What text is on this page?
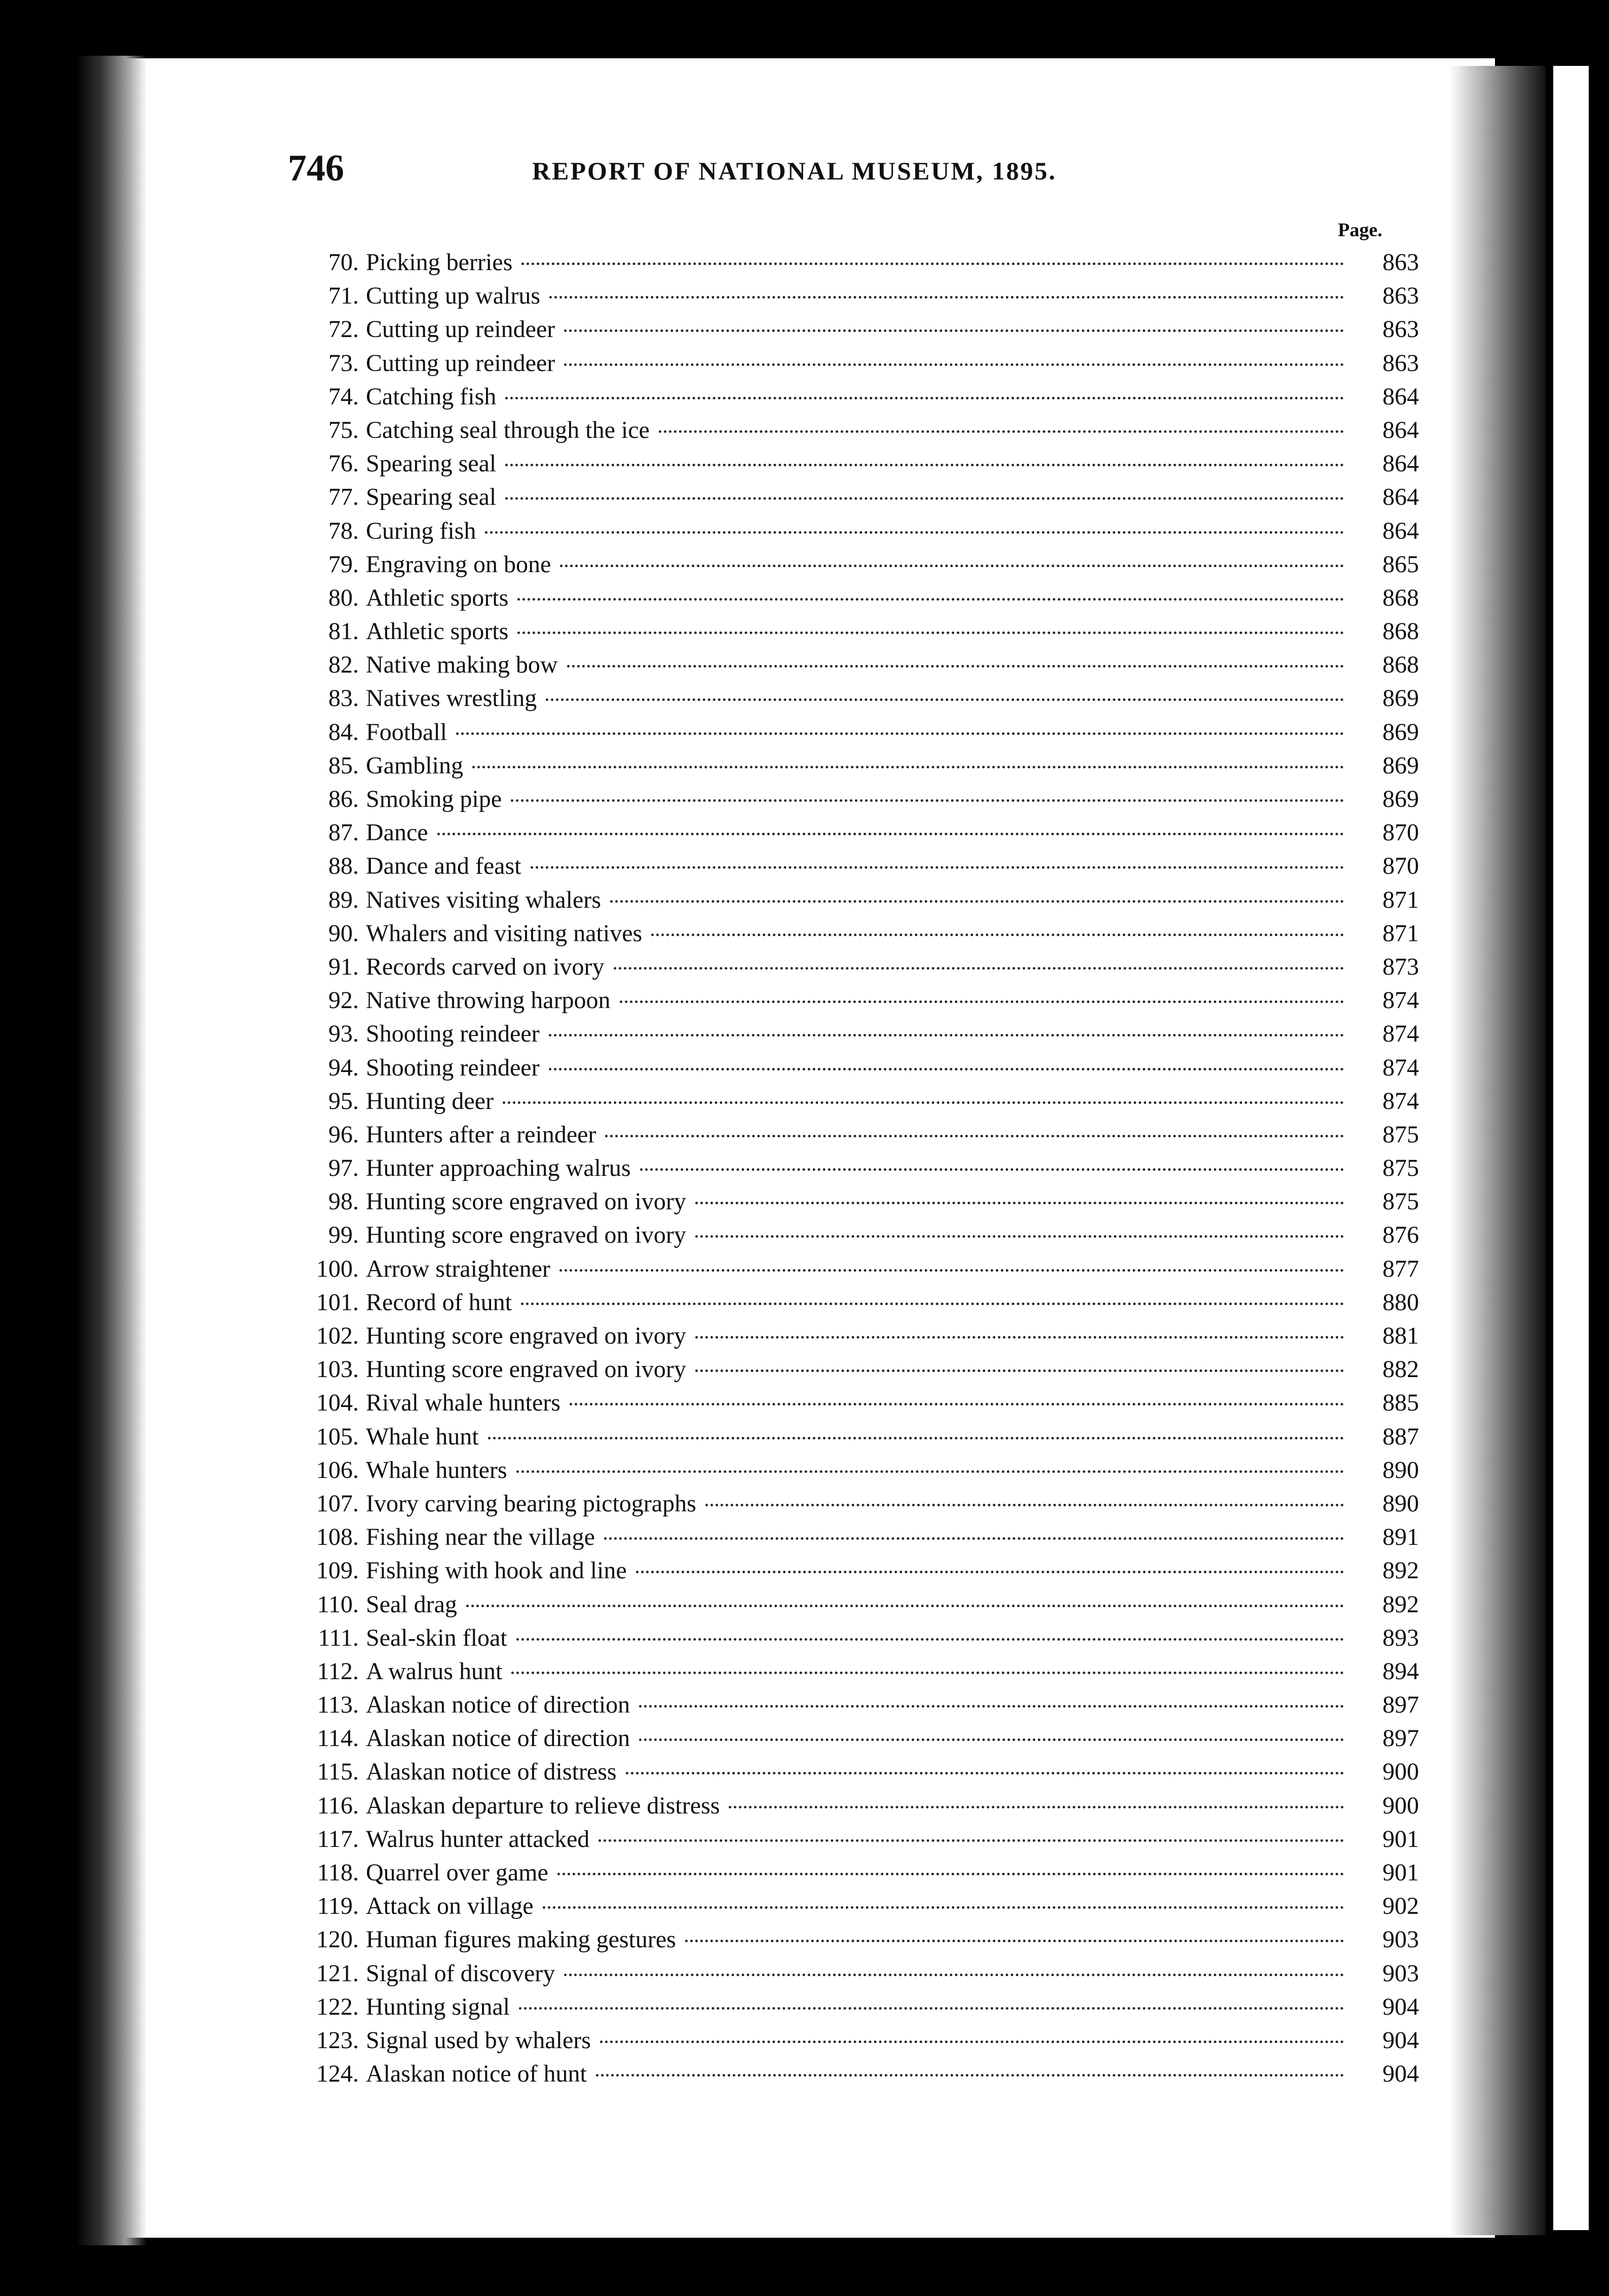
746	REPORT OF NATIONAL MUSEUM, 1895.
Page.
70. Picking berries	863
71. Cutting up walrus	863
72. Cutting up reindeer	863
73. Cutting up reindeer	863
74. Catching fish	864
75. Catching seal through the ice	864
76. Spearing seal	864
77. Spearing seal	864
78. Curing fish	864
79. Engraving on bone	865
80. Athletic sports	868
81. Athletic sports	868
82. Native making bow	868
83. Natives wrestling	869
84. Football	869
85. Gambling	869
86. Smoking pipe	869
87. Dance	870
88. Dance and feast	870
89. Natives visiting whalers	871
90. Whalers and visiting natives	871
91. Records carved on ivory	873
92. Native throwing harpoon	874
93. Shooting reindeer	874
94. Shooting reindeer	874
95. Hunting deer	874
96. Hunters after a reindeer	875
97. Hunter approaching walrus	875
98. Hunting score engraved on ivory	875
99. Hunting score engraved on ivory	876
100. Arrow straightener	877
101. Record of hunt	880
102. Hunting score engraved on ivory	881
103. Hunting score engraved on ivory	882
104. Rival whale hunters	885
105. Whale hunt	887
106. Whale hunters	890
107. Ivory carving bearing pictographs	890
108. Fishing near the village	891
109. Fishing with hook and line	892
110. Seal drag	892
111. Seal-skin float	893
112. A walrus hunt	894
113. Alaskan notice of direction	897
114. Alaskan notice of direction	897
115. Alaskan notice of distress	900
116. Alaskan departure to relieve distress	900
117. Walrus hunter attacked	901
118. Quarrel over game	901
119. Attack on village	902
120. Human figures making gestures	903
121. Signal of discovery	903
122. Hunting signal	904
123. Signal used by whalers	904
124. Alaskan notice of hunt	904
